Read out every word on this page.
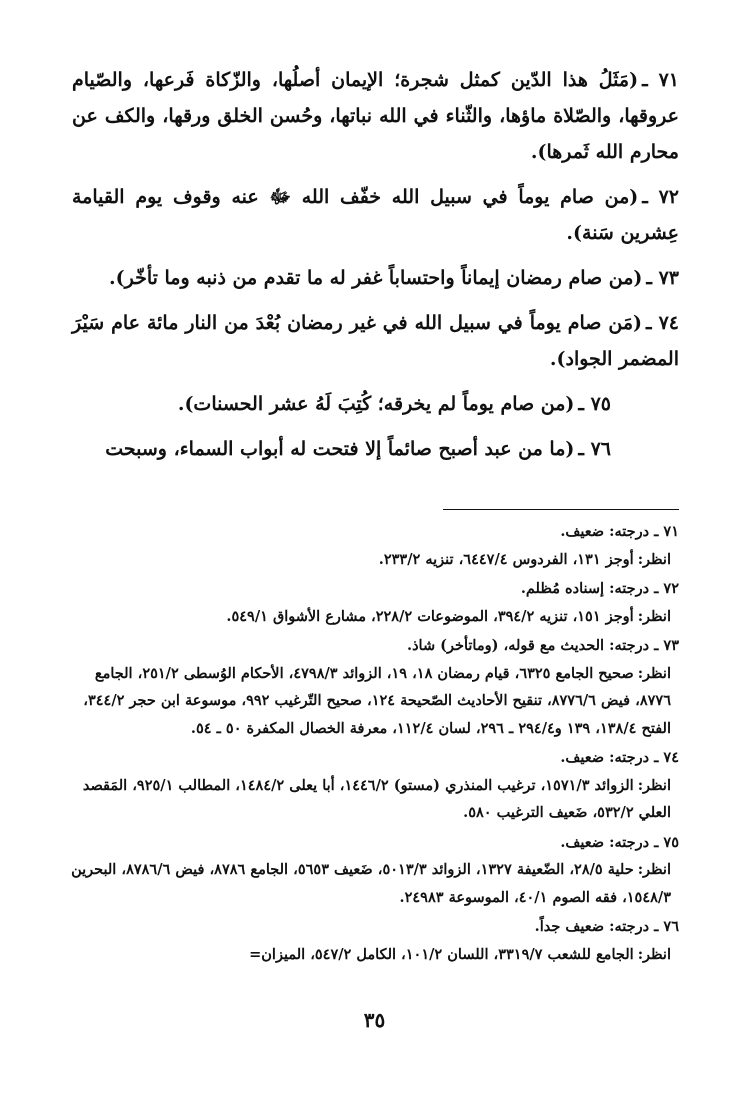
٧١ ـ(مَثَلُ هذا الدّين كمثل شجرة؛ الإيمان أصلُها، والزّكاة فَرعها، والصّيام عروقها، والصّلاة ماؤها، والثّناء في الله نباتها، وحُسن الخلق ورقها، والكف عن محارم الله ثَمرها).

٧٢ ـ(من صام يوماً في سبيل الله خفّف الله ﷻ عنه وقوف يوم القيامة عِشرين سَنة).

٧٣ ـ(من صام رمضان إيماناً واحتساباً غفر له ما تقدم من ذنبه وما تأخّر).

٧٤ ـ(مَن صام يوماً في سبيل الله في غير رمضان بُعْدَ من النار مائة عام سَيْرَ المضمر الجواد).

٧٥ ـ(من صام يوماً لم يخرقه؛ كُتِبَ لَهُ عشر الحسنات).

٧٦ ـ(ما من عبد أصبح صائماً إلا فتحت له أبواب السماء، وسبحت

٧١ ـ درجته: ضعيف.

انظر:أوجز ١٣١، الفردوس ٦٤٤٧/٤، تنزيه ٢٣٣/٢.

٧٢ ـ درجته: إسناده مُظلم.

انظر:أوجز ١٥١، تنزيه ٣٩٤/٢، الموضوعات ٢٢٨/٢، مشارع الأشواق ٥٤٩/١.

٧٣ ـ درجته: الحديث مع قوله، (وماتأخر) شاذ.

انظر:صحيح الجامع ٦٣٢٥، قيام رمضان ١٨، ١٩، الزوائد ٤٧٩٨/٣، الأحكام الوُسطى ٢٥١/٢، الجامع ٨٧٧٦، فيض ٨٧٧٦/٦، تنقيح الأحاديث الصّحيحة ١٢٤، صحيح التّرغيب ٩٩٢، موسوعة ابن حجر ٣٤٤/٢، الفتح ١٣٨/٤، ١٣٩ و٢٩٤/٤ ـ ٢٩٦، لسان ١١٢/٤، معرفة الخصال المكفرة ٥٠ ـ ٥٤.

٧٤ ـ درجته: ضعيف.

انظر:الزوائد ١٥٧١/٣، ترغيب المنذري (مستو) ١٤٤٦/٢، أبا يعلى ١٤٨٤/٢، المطالب ٩٢٥/١، المَقصد العلي ٥٣٢/٢، ضَعيف الترغيب ٥٨٠.

٧٥ ـ درجته: ضعيف.

انظر:حلية ٢٨/٥، الضّعيفة ١٣٢٧، الزوائد ٥٠١٣/٣، ضَعيف ٥٦٥٣، الجامع ٨٧٨٦، فيض ٨٧٨٦/٦، البحرين ١٥٤٨/٣، فقه الصوم ٤٠/١، الموسوعة ٢٤٩٨٣.

٧٦ ـ درجته: ضعيف جداً.

انظر:الجامع للشعب ٣٣١٩/٧، اللسان ١٠١/٢، الكامل ٥٤٧/٢، الميزان=

٣٥
